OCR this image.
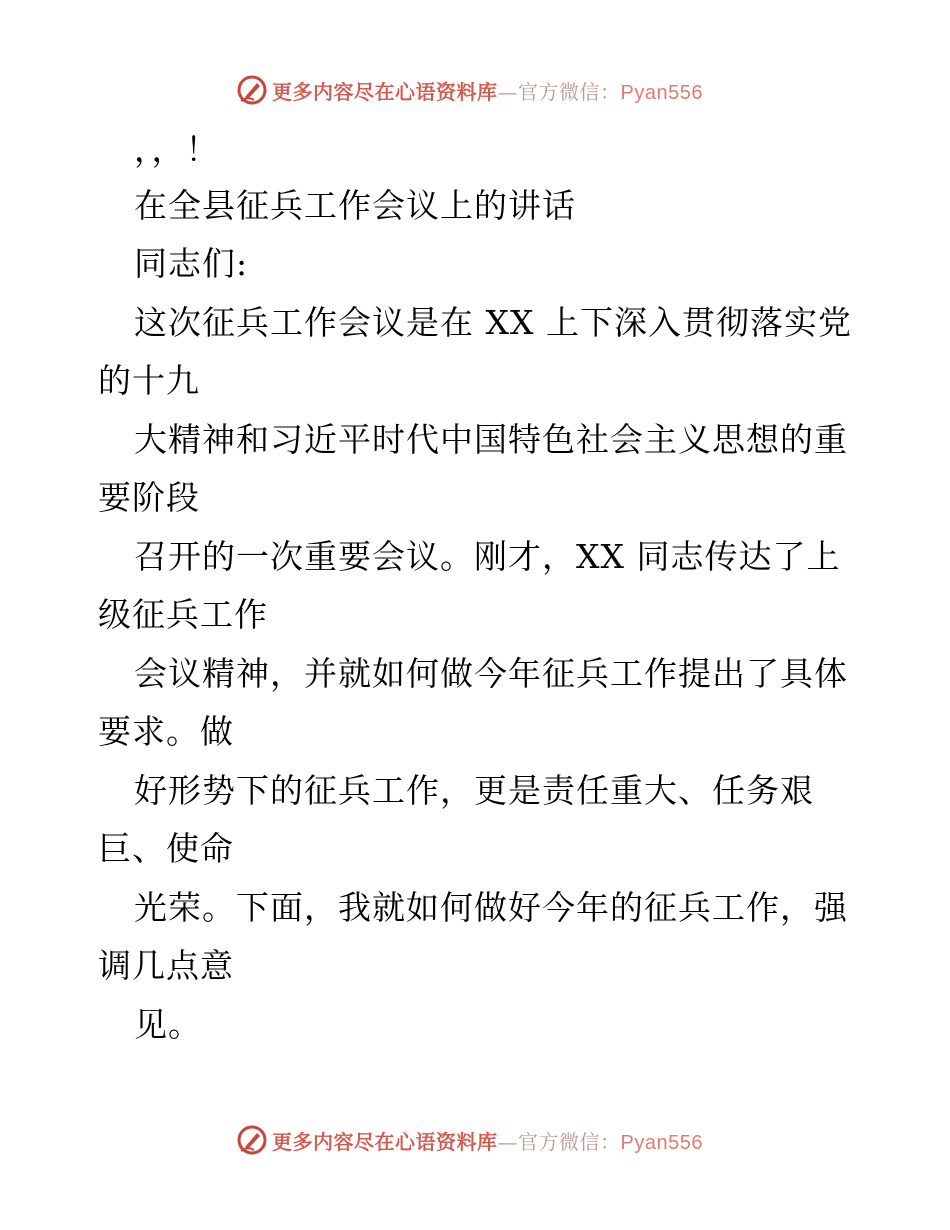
更多内容尽在心语资料库—官方微信：Pyan556
，，！
在全县征兵工作会议上的讲话
同志们:
这次征兵工作会议是在 XX 上下深入贯彻落实党
的十九
大精神和习近平时代中国特色社会主义思想的重
要阶段
召开的一次重要会议。刚才，XX 同志传达了上
级征兵工作
会议精神，并就如何做今年征兵工作提出了具体
要求。做
好形势下的征兵工作，更是责任重大、任务艰
巨、使命
光荣。下面，我就如何做好今年的征兵工作，强
调几点意
见。
更多内容尽在心语资料库—官方微信：Pyan556
